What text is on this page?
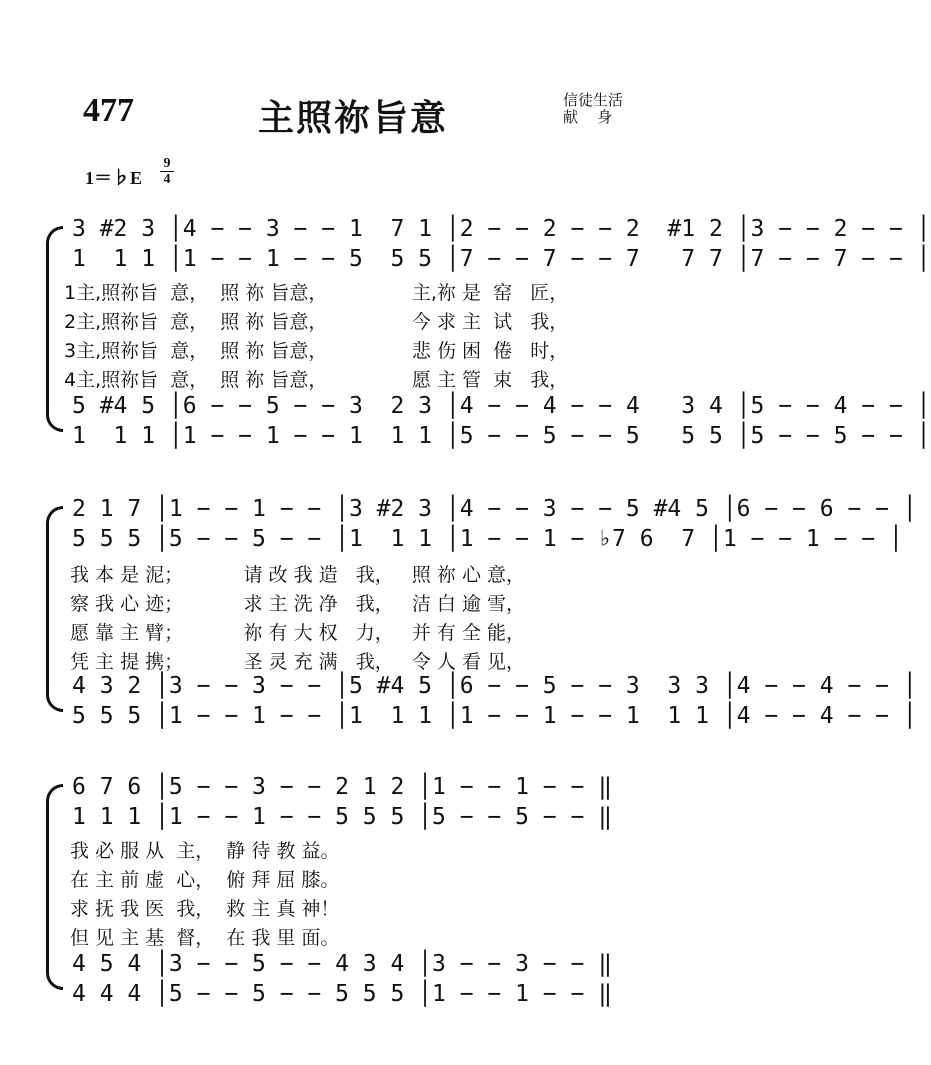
477	主照祢旨意	信徒生活
献    身
1＝♭E
9
4
3 #2 3 │4 − − 3 − − 1  7 1 │2 − − 2 − − 2  #1 2 │3 − − 2 − − │
1  1 1 │1 − − 1 − − 5  5 5 │7 − − 7 − − 7   7 7 │7 − − 7 − − │
1主,照祢旨  意，  照 祢 旨意，              主,祢 是  窑   匠，
2主,照祢旨  意，  照 祢 旨意，              今 求 主  试   我，
3主,照祢旨  意，  照 祢 旨意，              悲 伤 困  倦   时，
4主,照祢旨  意，  照 祢 旨意，              愿 主 管  束   我，
5 #4 5 │6 − − 5 − − 3  2 3 │4 − − 4 − − 4   3 4 │5 − − 4 − − │
1  1 1 │1 − − 1 − − 1  1 1 │5 − − 5 − − 5   5 5 │5 − − 5 − − │
2 1 7 │1 − − 1 − − │3 #2 3 │4 − − 3 − − 5 #4 5 │6 − − 6 − − │
5 5 5 │5 − − 5 − − │1  1 1 │1 − − 1 − ♭7 6  7 │1 − − 1 − − │
我 本 是 泥；          请 改 我 造   我，   照 祢 心 意，
察 我 心 迹；          求 主 洗 净   我，   洁 白 逾 雪，
愿 靠 主 臂；          祢 有 大 权   力，   并 有 全 能，
凭 主 提 携；          圣 灵 充 满   我，   令 人 看 见，
4 3 2 │3 − − 3 − − │5 #4 5 │6 − − 5 − − 3  3 3 │4 − − 4 − − │
5 5 5 │1 − − 1 − − │1  1 1 │1 − − 1 − − 1  1 1 │4 − − 4 − − │
6 7 6 │5 − − 3 − − 2 1 2 │1 − − 1 − − ‖
1 1 1 │1 − − 1 − − 5 5 5 │5 − − 5 − − ‖
我 必 服 从  主，  静 待 教 益。
在 主 前 虚  心，  俯 拜 屈 膝。
求 抚 我 医  我，  救 主 真 神！
但 见 主 基  督，  在 我 里 面。
4 5 4 │3 − − 5 − − 4 3 4 │3 − − 3 − − ‖
4 4 4 │5 − − 5 − − 5 5 5 │1 − − 1 − − ‖
